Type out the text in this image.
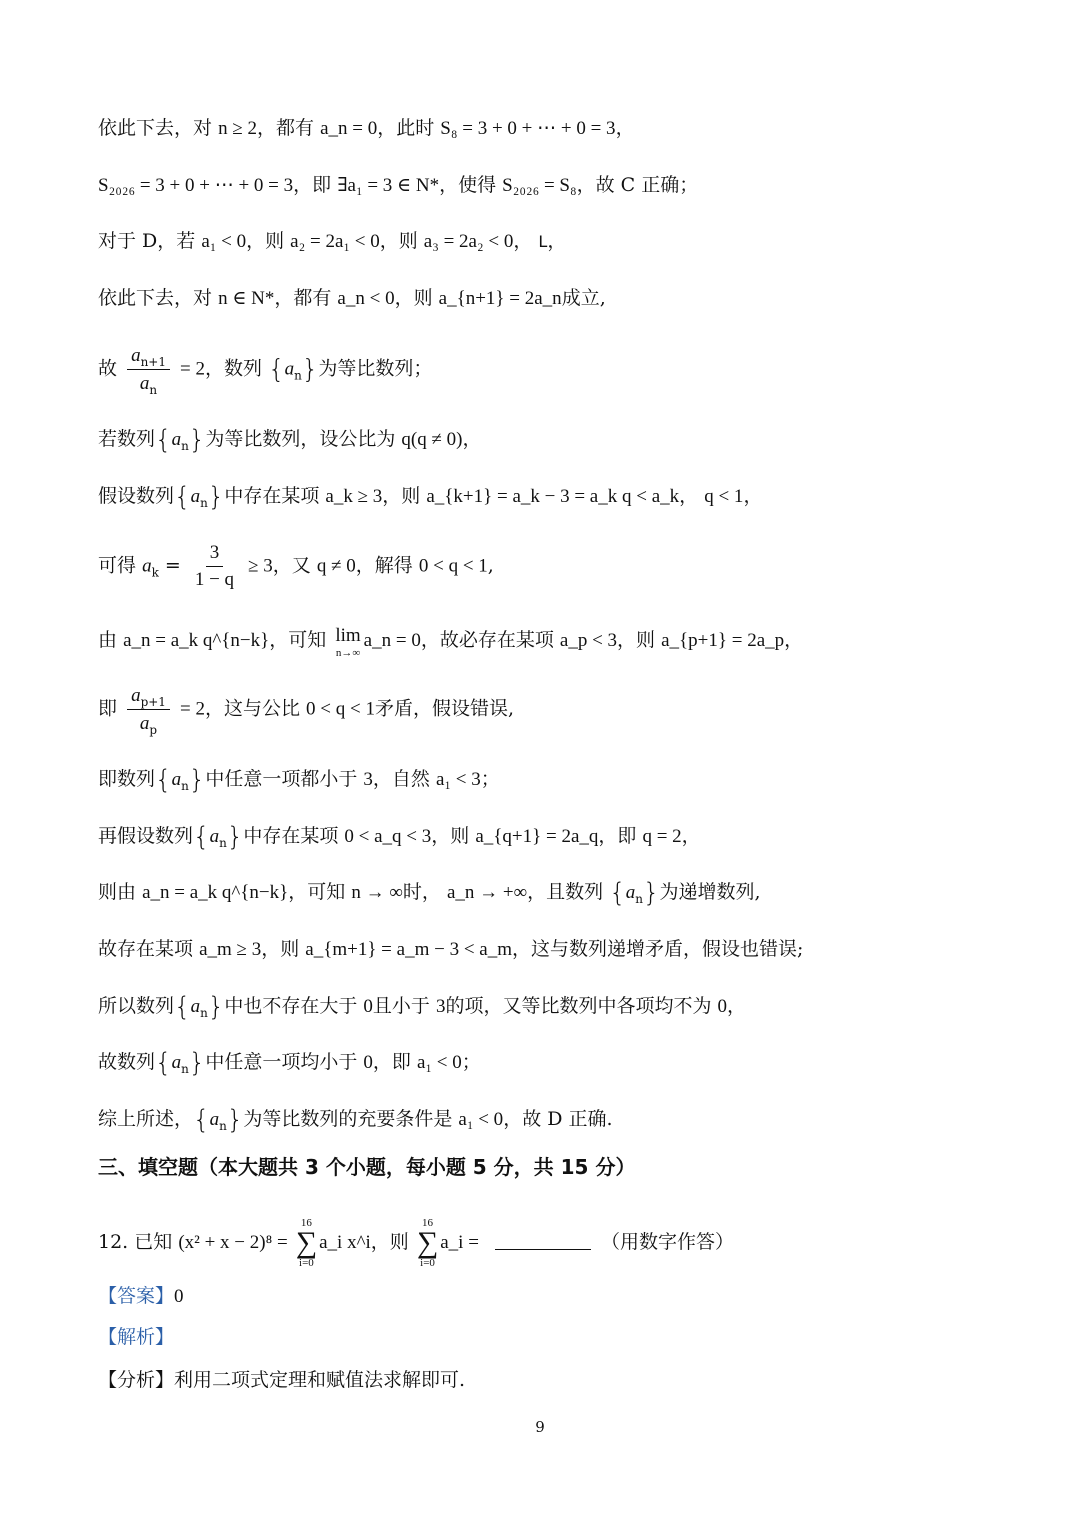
依此下去，对 n ≥ 2，都有 a_n = 0，此时 S₈ = 3 + 0 + ⋯ + 0 = 3，
S₂₀₂₆ = 3 + 0 + ⋯ + 0 = 3，即 ∃a₁ = 3 ∈ N*，使得 S₂₀₂₆ = S₈，故 C 正确；
对于 D，若 a₁ < 0，则 a₂ = 2a₁ < 0，则 a₃ = 2a₂ < 0， L，
依此下去，对 n ∈ N*，都有 a_n < 0，则 a_{n+1} = 2a_n成立,
故 $\frac{a_{n+1}}{a_n} = 2$，数列 $\{a_n\}$为等比数列；
若数列$\{a_n\}$为等比数列，设公比为 q(q ≠ 0)，
假设数列$\{a_n\}$中存在某项 a_k ≥ 3，则 a_{k+1} = a_k − 3 = a_k q < a_k， q < 1，
可得 $a_k = \frac{3}{1 - q} \ge 3$，又 q ≠ 0，解得 0 < q < 1,
由 a_n = a_k q^{n−k}，可知 lim
n→∞
a_n = 0，故必存在某项 a_p < 3，则 a_{p+1} = 2a_p，
即 $\frac{a_{p+1}}{a_p} = 2$，这与公比 0 < q < 1矛盾，假设错误,
即数列$\{a_n\}$中任意一项都小于 3，自然 a₁ < 3；
再假设数列$\{a_n\}$中存在某项 0 < a_q < 3，则 a_{q+1} = 2a_q，即 q = 2，
则由 a_n = a_k q^{n−k}，可知 n → ∞时， a_n → +∞，且数列 $\{a_n\}$为递增数列,
故存在某项 a_m ≥ 3，则 a_{m+1} = a_m − 3 < a_m，这与数列递增矛盾，假设也错误;
所以数列$\{a_n\}$中也不存在大于 0且小于 3的项，又等比数列中各项均不为 0，
故数列$\{a_n\}$中任意一项均小于 0，即 a₁ < 0；
综上所述，$\{a_n\}$为等比数列的充要条件是 a₁ < 0，故 D 正确.
三、填空题（本大题共 3 个小题，每小题 5 分，共 15 分）
12. 已知 (x² + x − 2)⁸ =
16
∑
i=0
a_i x^i，则
16
∑
i=0
a_i =	（用数字作答）
【答案】0
【解析】
【分析】利用二项式定理和赋值法求解即可.
9
